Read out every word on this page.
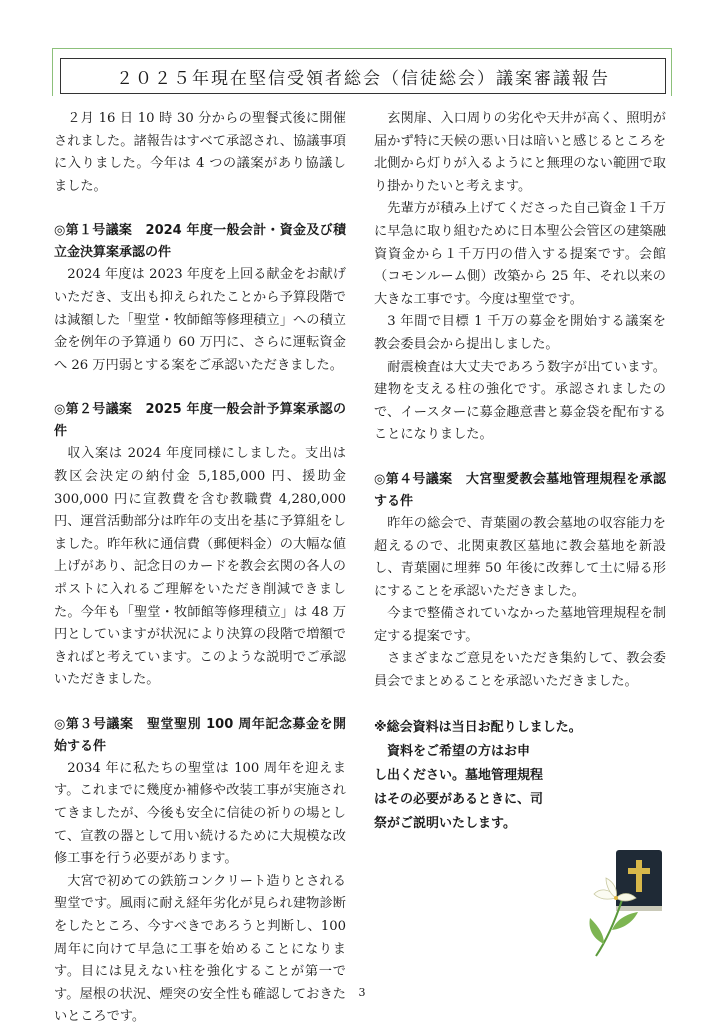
２０２５年現在堅信受領者総会（信徒総会）議案審議報告

２月 16 日 10 時 30 分からの聖餐式後に開催されました。諸報告はすべて承認され、協議事項に入りました。今年は 4 つの議案があり協議しました。

◎第１号議案　2024 年度一般会計・資金及び積立金決算案承認の件

2024 年度は 2023 年度を上回る献金をお献げいただき、支出も抑えられたことから予算段階では減額した「聖堂・牧師館等修理積立」への積立金を例年の予算通り 60 万円に、さらに運転資金へ 26 万円弱とする案をご承認いただきました。

◎第２号議案　2025 年度一般会計予算案承認の件

収入案は 2024 年度同様にしました。支出は教区会決定の納付金 5,185,000 円、援助金 300,000 円に宣教費を含む教職費 4,280,000 円、運営活動部分は昨年の支出を基に予算組をしました。昨年秋に通信費（郵便料金）の大幅な値上げがあり、記念日のカードを教会玄関の各人のポストに入れるご理解をいただき削減できました。今年も「聖堂・牧師館等修理積立」は 48 万円としていますが状況により決算の段階で増額できればと考えています。このような説明でご承認いただきました。

◎第３号議案　聖堂聖別 100 周年記念募金を開始する件

2034 年に私たちの聖堂は 100 周年を迎えます。これまでに幾度か補修や改装工事が実施されてきましたが、今後も安全に信徒の祈りの場として、宣教の器として用い続けるために大規模な改修工事を行う必要があります。

大宮で初めての鉄筋コンクリート造りとされる聖堂です。風雨に耐え経年劣化が見られ建物診断をしたところ、今すべきであろうと判断し、100 周年に向けて早急に工事を始めることになります。目には見えない柱を強化することが第一です。屋根の状況、煙突の安全性も確認しておきたいところです。

玄関扉、入口周りの劣化や天井が高く、照明が届かず特に天候の悪い日は暗いと感じるところを北側から灯りが入るようにと無理のない範囲で取り掛かりたいと考えます。

先輩方が積み上げてくださった自己資金１千万に早急に取り組むために日本聖公会管区の建築融資資金から１千万円の借入する提案です。会館（コモンルーム側）改築から 25 年、それ以来の大きな工事です。今度は聖堂です。

3 年間で目標 1 千万の募金を開始する議案を教会委員会から提出しました。

耐震検査は大丈夫であろう数字が出ています。建物を支える柱の強化です。承認されましたので、イースターに募金趣意書と募金袋を配布することになりました。

◎第４号議案　大宮聖愛教会墓地管理規程を承認する件

昨年の総会で、青葉園の教会墓地の収容能力を超えるので、北関東教区墓地に教会墓地を新設し、青葉園に埋葬 50 年後に改葬して土に帰る形にすることを承認いただきました。

今まで整備されていなかった墓地管理規程を制定する提案です。

さまざまなご意見をいただき集約して、教会委員会でまとめることを承認いただきました。

※総会資料は当日お配りしました。

　資料をご希望の方はお申

し出ください。墓地管理規程

はその必要があるときに、司

祭がご説明いたします。

3
